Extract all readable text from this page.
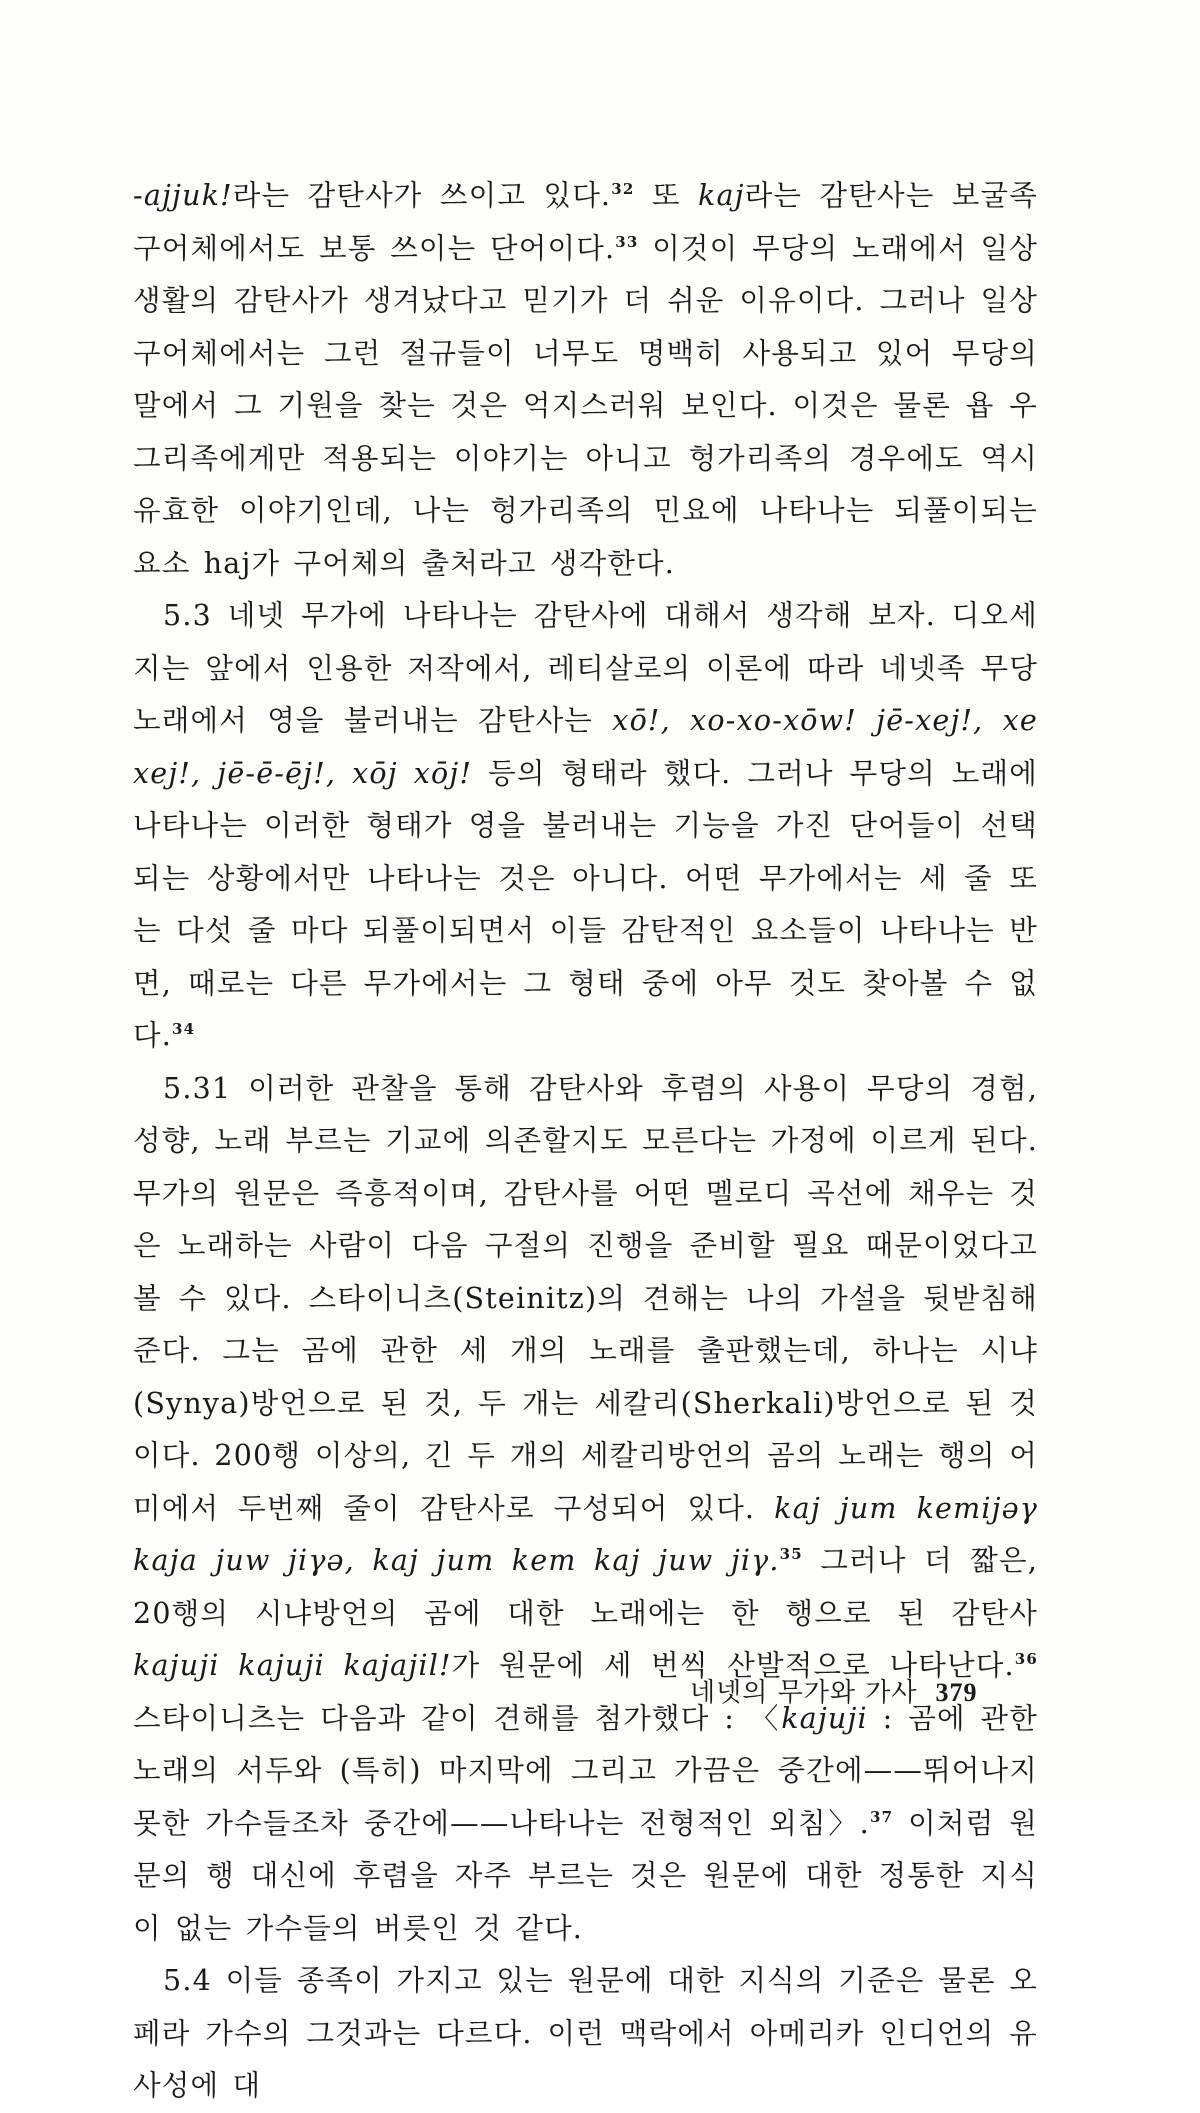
-ajjuk!라는 감탄사가 쓰이고 있다.$^{32}$ 또 kaj라는 감탄사는 보굴족 구어체에서도 보통 쓰이는 단어이다.$^{33}$ 이것이 무당의 노래에서 일상생활의 감탄사가 생겨났다고 믿기가 더 쉬운 이유이다. 그러나 일상 구어체에서는 그런 절규들이 너무도 명백히 사용되고 있어 무당의 말에서 그 기원을 찾는 것은 억지스러워 보인다. 이것은 물론 욥 우그리족에게만 적용되는 이야기는 아니고 헝가리족의 경우에도 역시 유효한 이야기인데, 나는 헝가리족의 민요에 나타나는 되풀이되는 요소 haj가 구어체의 출처라고 생각한다.

5.3 네넷 무가에 나타나는 감탄사에 대해서 생각해 보자. 디오세지는 앞에서 인용한 저작에서, 레티살로의 이론에 따라 네넷족 무당노래에서 영을 불러내는 감탄사는 xō!, xo-xo-xōw! jē-xej!, xe xej!, jē-ē-ēj!, xōj xōj! 등의 형태라 했다. 그러나 무당의 노래에 나타나는 이러한 형태가 영을 불러내는 기능을 가진 단어들이 선택되는 상황에서만 나타나는 것은 아니다. 어떤 무가에서는 세 줄 또는 다섯 줄 마다 되풀이되면서 이들 감탄적인 요소들이 나타나는 반면, 때로는 다른 무가에서는 그 형태 중에 아무 것도 찾아볼 수 없다.$^{34}$

5.31 이러한 관찰을 통해 감탄사와 후렴의 사용이 무당의 경험, 성향, 노래 부르는 기교에 의존할지도 모른다는 가정에 이르게 된다. 무가의 원문은 즉흥적이며, 감탄사를 어떤 멜로디 곡선에 채우는 것은 노래하는 사람이 다음 구절의 진행을 준비할 필요 때문이었다고 볼 수 있다. 스타이니츠(Steinitz)의 견해는 나의 가설을 뒷받침해 준다. 그는 곰에 관한 세 개의 노래를 출판했는데, 하나는 시냐(Synya)방언으로 된 것, 두 개는 세칼리(Sherkali)방언으로 된 것이다. 200행 이상의, 긴 두 개의 세칼리방언의 곰의 노래는 행의 어미에서 두번째 줄이 감탄사로 구성되어 있다. kaj jum kemijəγ kaja juw jiγə, kaj jum kem kaj juw jiγ.$^{35}$ 그러나 더 짧은, 20행의 시냐방언의 곰에 대한 노래에는 한 행으로 된 감탄사 kajuji kajuji kajajil!가 원문에 세 번씩 산발적으로 나타난다.$^{36}$ 스타이니츠는 다음과 같이 견해를 첨가했다 : 〈kajuji : 곰에 관한 노래의 서두와 (특히) 마지막에 그리고 가끔은 중간에——뛰어나지 못한 가수들조차 중간에——나타나는 전형적인 외침〉.$^{37}$ 이처럼 원문의 행 대신에 후렴을 자주 부르는 것은 원문에 대한 정통한 지식이 없는 가수들의 버릇인 것 같다.

5.4 이들 종족이 가지고 있는 원문에 대한 지식의 기준은 물론 오페라 가수의 그것과는 다르다. 이런 맥락에서 아메리카 인디언의 유사성에 대

네넷의 무가와 가사 379
